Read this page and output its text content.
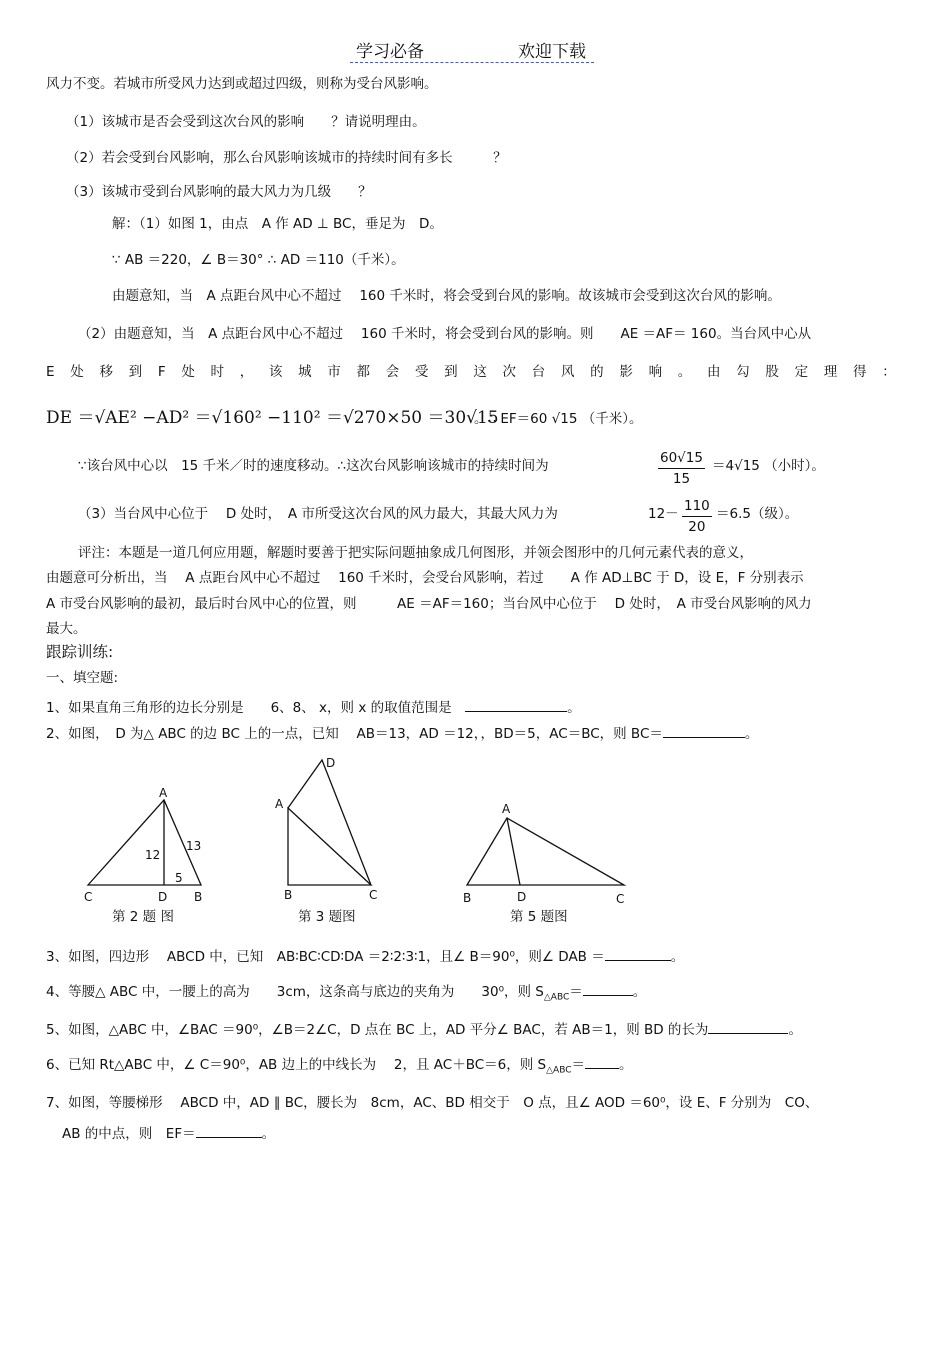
学习必备	欢迎下载
风力不变。若城市所受风力达到或超过四级，则称为受台风影响。
（1）该城市是否会受到这次台风的影响　　？请说明理由。
（2）若会受到台风影响，那么台风影响该城市的持续时间有多长　　　？
（3）该城市受到台风影响的最大风力为几级　　？
解：（1）如图 1，由点　A 作 AD ⊥ BC，垂足为　D。
∵ AB ＝220，∠ B＝30° ∴ AD ＝110（千米）。
由题意知，当　A 点距台风中心不超过　 160 千米时，将会受到台风的影响。故该城市会受到这次台风的影响。
（2）由题意知，当　A 点距台风中心不超过　 160 千米时，将会受到台风的影响。则　　AE ＝AF＝ 160。当台风中心从
E 处 移 到 F 处 时 ， 该 城 市 都 会 受 到 这 次 台 风 的 影 响 。 由 勾 股 定 理 得 ：
DE ＝√AE² −AD² ＝√160² −110² ＝√270×50 ＝30√15
。∴ EF＝60 √15 （千米）。
∵该台风中心以　15 千米／时的速度移动。∴这次台风影响该城市的持续时间为	60√15
15
＝4√15 （小时）。
（3）当台风中心位于　 D 处时，　A 市所受这次台风的风力最大，其最大风力为	12－ 110
20
＝6.5（级）。
评注：本题是一道几何应用题，解题时要善于把实际问题抽象成几何图形，并领会图形中的几何元素代表的意义，
由题意可分析出，当　 A 点距台风中心不超过　 160 千米时，会受台风影响，若过　　A 作 AD⊥BC 于 D，设 E，F 分别表示
A 市受台风影响的最初，最后时台风中心的位置，则　　　AE ＝AF＝160；当台风中心位于　 D 处时，　A 市受台风影响的风力
最大。
跟踪训练:
一、填空题:
1、如果直角三角形的边长分别是　　6、8、 x，则 x 的取值范围是　	。
2、如图，　D 为△ ABC 的边 BC 上的一点，已知　 AB＝13，AD ＝12，，BD＝5，AC＝BC，则 BC＝	。
A
C	D B
12
13
5
D
A
B	C
A
B	D	C
第 2 题 图	第 3 题图	第 5 题图
3、如图，四边形　 ABCD 中，已知　AB∶BC∶CD∶DA ＝2∶2∶3∶1，且∠ B＝90⁰，则∠ DAB ＝	。
4、等腰△ ABC 中，一腰上的高为　　3cm，这条高与底边的夹角为　　30⁰，则 $S_{\triangle ABC}=$	。
5、如图，△ABC 中，∠BAC ＝90⁰，∠B＝2∠C，D 点在 BC 上，AD 平分∠ BAC，若 AB＝1，则 BD 的长为	。
6、已知 Rt△ABC 中，∠ C＝90⁰，AB 边上的中线长为　 2，且 AC＋BC＝6，则 $S_{\triangle ABC}=$	。
7、如图，等腰梯形　 ABCD 中，AD ∥ BC，腰长为　8cm，AC、BD 相交于　O 点，且∠ AOD ＝60⁰，设 E、F 分别为　CO、
AB 的中点，则　EF＝	。
